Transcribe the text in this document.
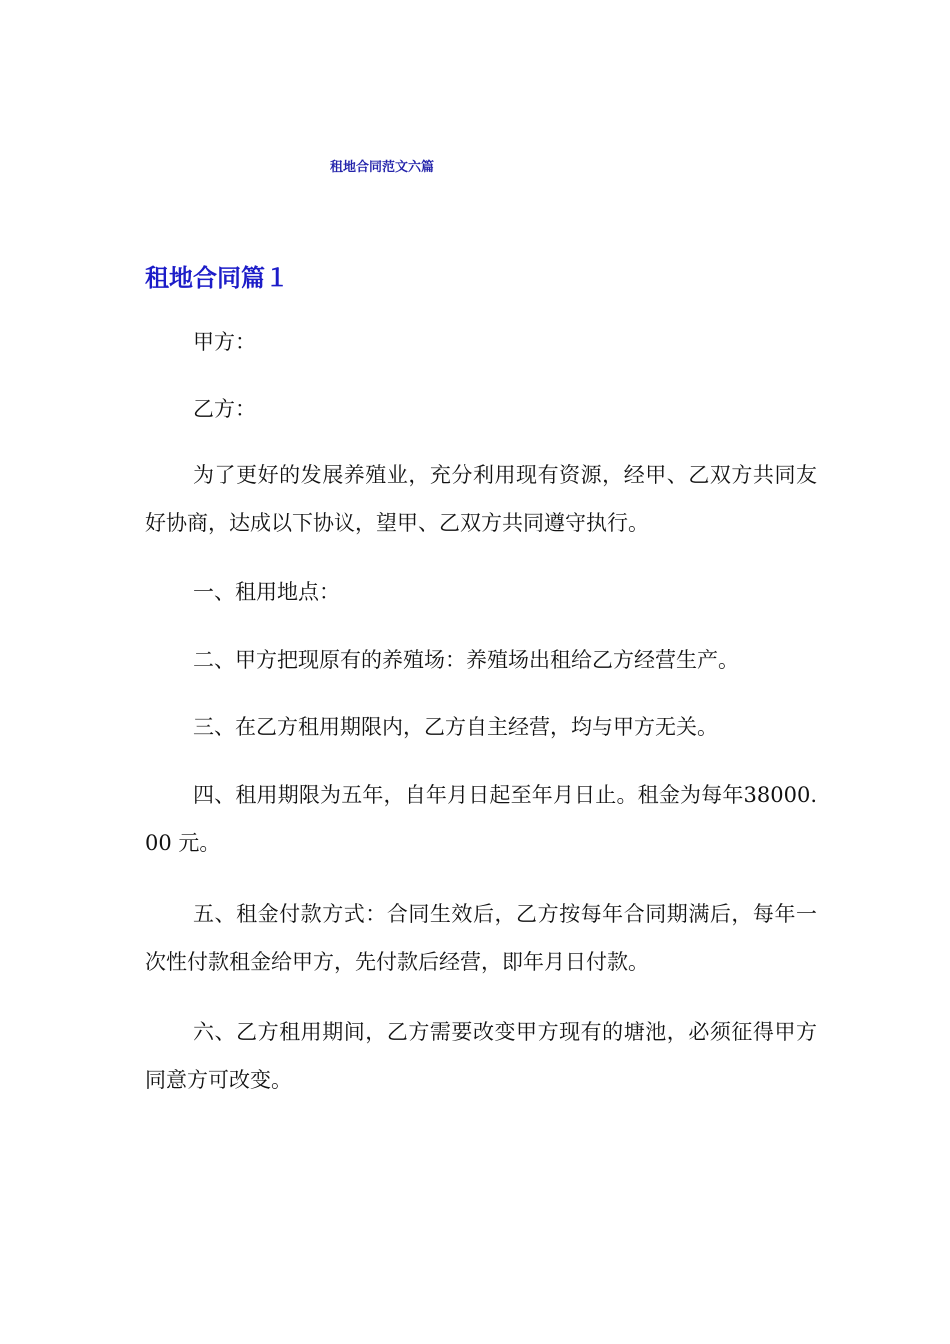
租地合同范文六篇
租地合同篇１

甲方：

乙方：

为了更好的发展养殖业，充分利用现有资源，经甲、乙双方共同友好协商，达成以下协议，望甲、乙双方共同遵守执行。

一、租用地点：

二、甲方把现原有的养殖场：养殖场出租给乙方经营生产。

三、在乙方租用期限内，乙方自主经营，均与甲方无关。

四、租用期限为五年，自年月日起至年月日止。租金为每年38000.00 元。

五、租金付款方式：合同生效后，乙方按每年合同期满后，每年一次性付款租金给甲方，先付款后经营，即年月日付款。

六、乙方租用期间，乙方需要改变甲方现有的塘池，必须征得甲方同意方可改变。
